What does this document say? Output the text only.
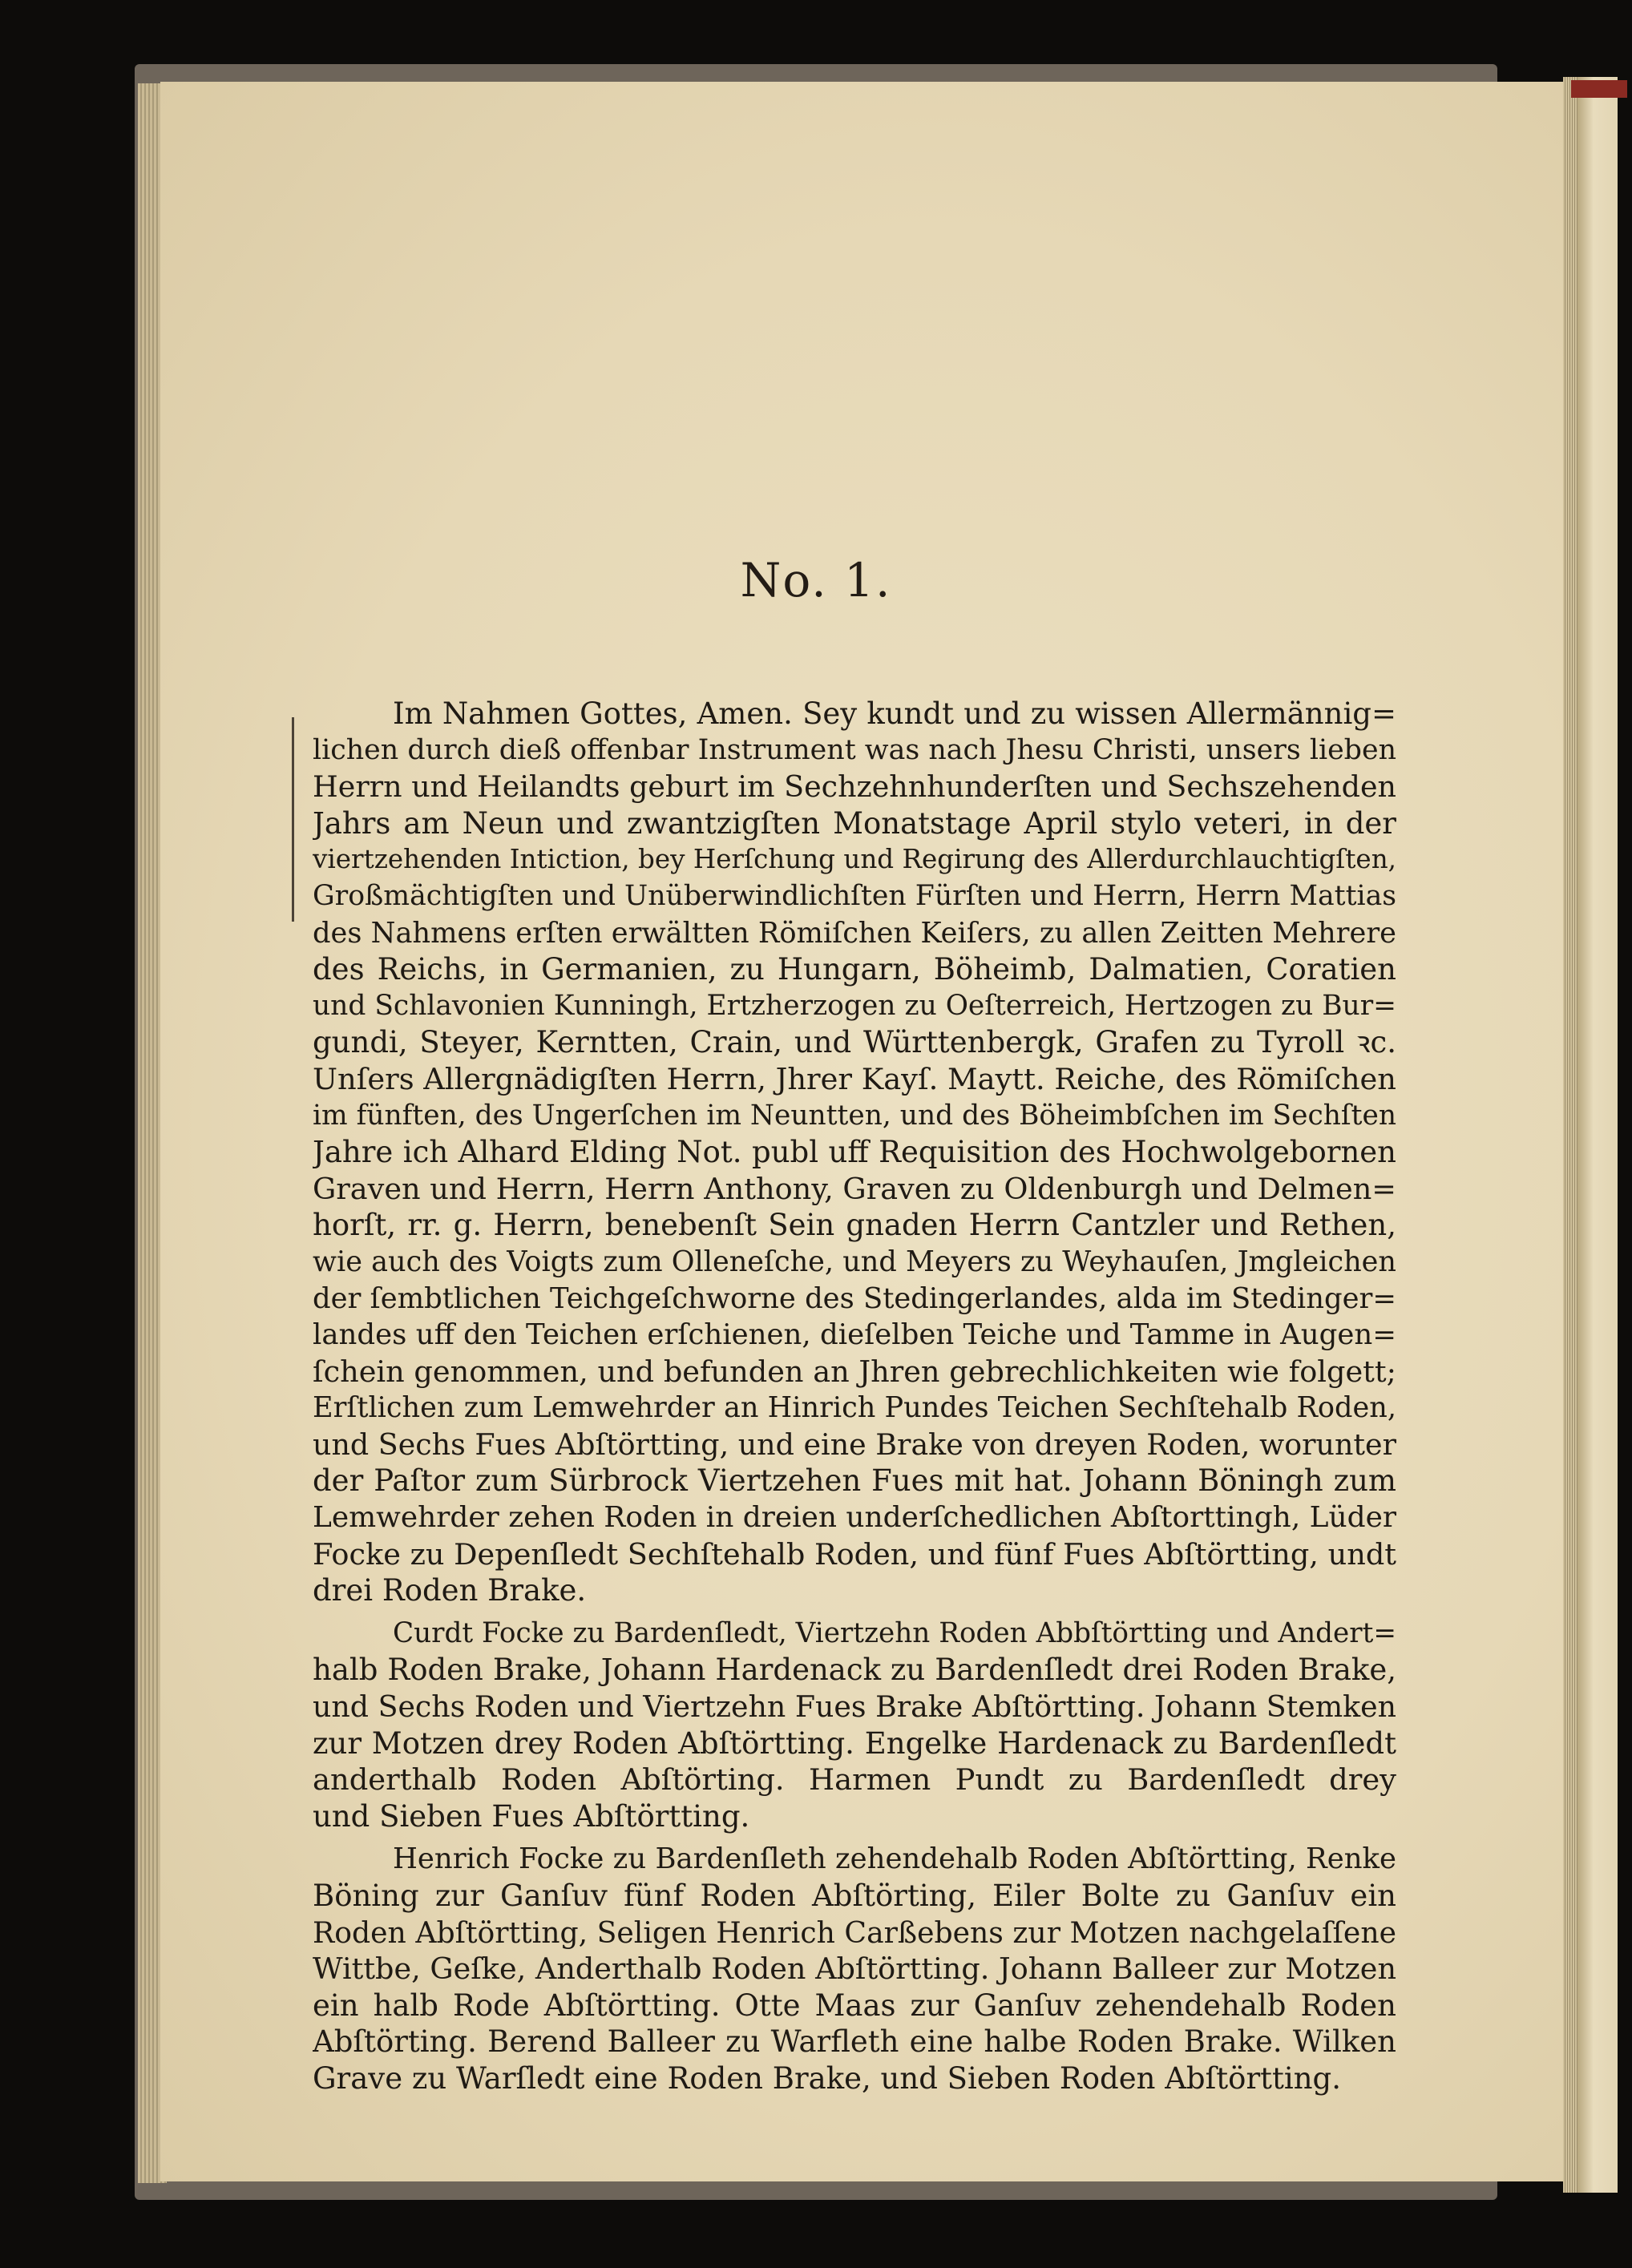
No. 1.
Im Nahmen Gottes, Amen. Sey kundt und zu wissen Allermännig=
lichen durch dieß offenbar Instrument was nach Jhesu Christi, unsers lieben
Herrn und Heilandts geburt im Sechzehnhunderſten und Sechszehenden
Jahrs am Neun und zwantzigſten Monatstage April stylo veteri, in der
viertzehenden Intiction, bey Herſchung und Regirung des Allerdurchlauchtigſten,
Großmächtigſten und Unüberwindlichſten Fürſten und Herrn, Herrn Mattias
des Nahmens erſten erwältten Römiſchen Keiſers, zu allen Zeitten Mehrere
des Reichs, in Germanien, zu Hungarn, Böheimb, Dalmatien, Coratien
und Schlavonien Kunningh, Ertzherzogen zu Oeſterreich, Hertzogen zu Bur=
gundi, Steyer, Kerntten, Crain, und Württenbergk, Grafen zu Tyroll ꝛc.
Unſers Allergnädigſten Herrn, Jhrer Kayſ. Maytt. Reiche, des Römiſchen
im fünften, des Ungerſchen im Neuntten, und des Böheimbſchen im Sechſten
Jahre ich Alhard Elding Not. publ uff Requisition des Hochwolgebornen
Graven und Herrn, Herrn Anthony, Graven zu Oldenburgh und Delmen=
horſt, rr. g. Herrn, benebenſt Sein gnaden Herrn Cantzler und Rethen,
wie auch des Voigts zum Olleneſche, und Meyers zu Weyhauſen, Jmgleichen
der ſembtlichen Teichgeſchworne des Stedingerlandes, alda im Stedinger=
landes uff den Teichen erſchienen, dieſelben Teiche und Tamme in Augen=
ſchein genommen, und befunden an Jhren gebrechlichkeiten wie folgett;
Erſtlichen zum Lemwehrder an Hinrich Pundes Teichen Sechſtehalb Roden,
und Sechs Fues Abſtörtting, und eine Brake von dreyen Roden, worunter
der Paſtor zum Sürbrock Viertzehen Fues mit hat. Johann Böningh zum
Lemwehrder zehen Roden in dreien underſchedlichen Abſtorttingh, Lüder
Focke zu Depenſledt Sechſtehalb Roden, und fünf Fues Abſtörtting, undt
drei Roden Brake.
Curdt Focke zu Bardenſledt, Viertzehn Roden Abbſtörtting und Andert=
halb Roden Brake, Johann Hardenack zu Bardenſledt drei Roden Brake,
und Sechs Roden und Viertzehn Fues Brake Abſtörtting. Johann Stemken
zur Motzen drey Roden Abſtörtting. Engelke Hardenack zu Bardenſledt
anderthalb Roden Abſtörting. Harmen Pundt zu Bardenſledt drey
und Sieben Fues Abſtörtting.
Henrich Focke zu Bardenſleth zehendehalb Roden Abſtörtting, Renke
Böning zur Ganſuv fünf Roden Abſtörting, Eiler Bolte zu Ganſuv ein
Roden Abſtörtting, Seligen Henrich Carßebens zur Motzen nachgelaſſene
Wittbe, Geſke, Anderthalb Roden Abſtörtting. Johann Balleer zur Motzen
ein halb Rode Abſtörtting. Otte Maas zur Ganſuv zehendehalb Roden
Abſtörting. Berend Balleer zu Warfleth eine halbe Roden Brake. Wilken
Grave zu Warſledt eine Roden Brake, und Sieben Roden Abſtörtting.
